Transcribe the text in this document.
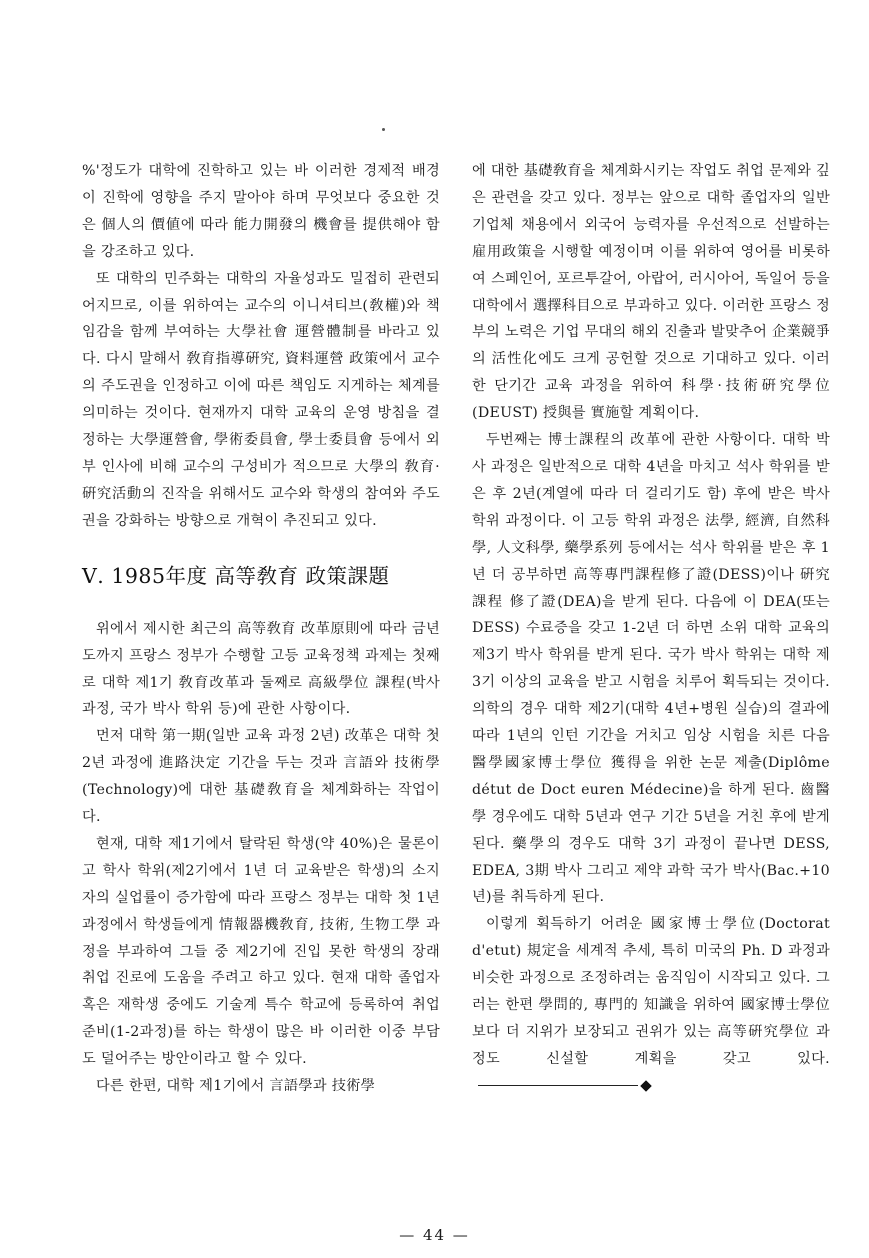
%'정도가 대학에 진학하고 있는 바 이러한 경제적 배경이 진학에 영향을 주지 말아야 하며 무엇보다 중요한 것은 個人의 價値에 따라 能力開發의 機會를 提供해야 함을 강조하고 있다.

또 대학의 민주화는 대학의 자율성과도 밀접히 관련되어지므로, 이를 위하여는 교수의 이니셔티브(敎權)와 책임감을 함께 부여하는 大學社會 運營體制를 바라고 있다. 다시 말해서 敎育指導硏究, 資料運營 政策에서 교수의 주도권을 인정하고 이에 따른 책임도 지게하는 체계를 의미하는 것이다. 현재까지 대학 교육의 운영 방침을 결정하는 大學運營會, 學術委員會, 學士委員會 등에서 외부 인사에 비해 교수의 구성비가 적으므로 大學의 敎育·硏究活動의 진작을 위해서도 교수와 학생의 참여와 주도권을 강화하는 방향으로 개혁이 추진되고 있다.

Ⅴ. 1985年度 高等敎育 政策課題

위에서 제시한 최근의 高等敎育 改革原則에 따라 금년도까지 프랑스 정부가 수행할 고등 교육정책 과제는 첫째로 대학 제1기 敎育改革과 둘째로 高級學位 課程(박사 과정, 국가 박사 학위 등)에 관한 사항이다.

먼저 대학 第一期(일반 교육 과정 2년) 改革은 대학 첫 2년 과정에 進路決定 기간을 두는 것과 言語와 技術學(Technology)에 대한 基礎敎育을 체계화하는 작업이다.

현재, 대학 제1기에서 탈락된 학생(약 40%)은 물론이고 학사 학위(제2기에서 1년 더 교육받은 학생)의 소지자의 실업률이 증가함에 따라 프랑스 정부는 대학 첫 1년 과정에서 학생들에게 情報器機敎育, 技術, 生物工學 과정을 부과하여 그들 중 제2기에 진입 못한 학생의 장래 취업 진로에 도움을 주려고 하고 있다. 현재 대학 졸업자 혹은 재학생 중에도 기술계 특수 학교에 등록하여 취업 준비(1-2과정)를 하는 학생이 많은 바 이러한 이중 부담도 덜어주는 방안이라고 할 수 있다.

다른 한편, 대학 제1기에서 言語學과 技術學

에 대한 基礎敎育을 체계화시키는 작업도 취업 문제와 깊은 관련을 갖고 있다. 정부는 앞으로 대학 졸업자의 일반 기업체 채용에서 외국어 능력자를 우선적으로 선발하는 雇用政策을 시행할 예정이며 이를 위하여 영어를 비롯하여 스페인어, 포르투갈어, 아랍어, 러시아어, 독일어 등을 대학에서 選擇科目으로 부과하고 있다. 이러한 프랑스 정부의 노력은 기업 무대의 해외 진출과 발맞추어 企業競爭의 活性化에도 크게 공헌할 것으로 기대하고 있다. 이러한 단기간 교육 과정을 위하여 科學·技術硏究學位(DEUST) 授與를 實施할 계획이다.

두번째는 博士課程의 改革에 관한 사항이다. 대학 박사 과정은 일반적으로 대학 4년을 마치고 석사 학위를 받은 후 2년(계열에 따라 더 걸리기도 함) 후에 받은 박사 학위 과정이다. 이 고등 학위 과정은 法學, 經濟, 自然科學, 人文科學, 藥學系列 등에서는 석사 학위를 받은 후 1년 더 공부하면 高等專門課程修了證(DESS)이나 硏究課程 修了證(DEA)을 받게 된다. 다음에 이 DEA(또는 DESS) 수료증을 갖고 1-2년 더 하면 소위 대학 교육의 제3기 박사 학위를 받게 된다. 국가 박사 학위는 대학 제3기 이상의 교육을 받고 시험을 치루어 획득되는 것이다. 의학의 경우 대학 제2기(대학 4년+병원 실습)의 결과에 따라 1년의 인턴 기간을 거치고 임상 시험을 치른 다음 醫學國家博士學位 獲得을 위한 논문 제출(Diplôme détut de Doct euren Médecine)을 하게 된다. 齒醫學 경우에도 대학 5년과 연구 기간 5년을 거친 후에 받게 된다. 藥學의 경우도 대학 3기 과정이 끝나면 DESS, EDEA, 3期 박사 그리고 제약 과학 국가 박사(Bac.+10년)를 취득하게 된다.

이렇게 획득하기 어려운 國家博士學位(Doctorat d'etut) 規定을 세계적 추세, 특히 미국의 Ph. D 과정과 비슷한 과정으로 조정하려는 움직임이 시작되고 있다. 그러는 한편 學問的, 專門的 知識을 위하여 國家博士學位보다 더 지위가 보장되고 권위가 있는 高等硏究學位 과정도 신설할 계획을 갖고 있다.

— 44 —
